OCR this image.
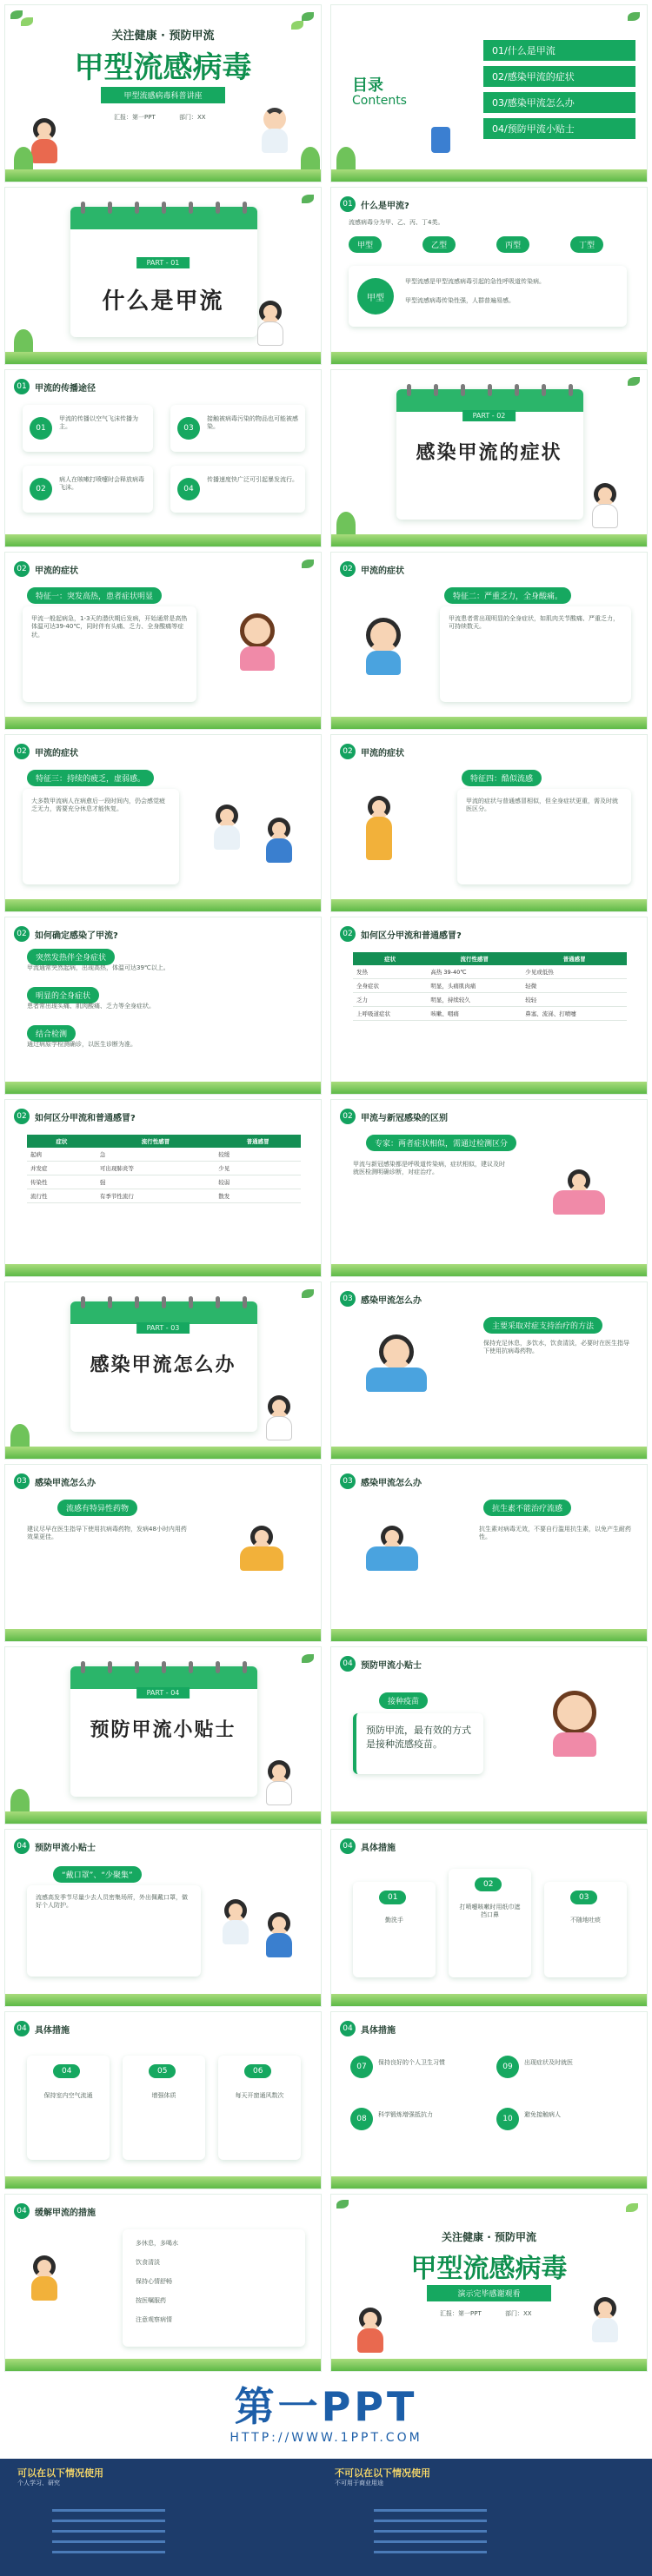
关注健康 · 预防甲流
甲型流感病毒
甲型流感病毒科普讲座
汇报：第一PPT	部门：XX
目录
Contents
01/什么是甲流
02/感染甲流的症状
03/感染甲流怎么办
04/预防甲流小贴士
PART - 01
什么是甲流
01 什么是甲流?
流感病毒分为甲、乙、丙、丁4类。
甲型	乙型	丙型	丁型
甲型
甲型流感是甲型流感病毒引起的急性呼吸道传染病。
甲型流感病毒传染性强，人群普遍易感。
01 甲流的传播途径
01
甲流的传播以空气飞沫传播为主。	03
接触被病毒污染的物品也可能被感染。
02
病人在咳嗽打喷嚏时会释放病毒飞沫。	04
传播速度快广泛可引起暴发流行。
PART - 02
感染甲流的症状
02 甲流的症状
特征一：突发高热，患者症状明显
甲流一般起病急，1-3天的潜伏期后发病，开始通常是高热体温可达39-40℃，同时伴有头痛、乏力、全身酸痛等症状。
02 甲流的症状
特征二：严重乏力，全身酸痛。
甲流患者常出现明显的全身症状，如肌肉关节酸痛、严重乏力，可持续数天。
02 甲流的症状
特征三：持续的疲乏，虚弱感。
大多数甲流病人在病愈后一段时间内，仍会感觉疲乏无力，需要充分休息才能恢复。
02 甲流的症状
特征四：酷似流感
甲流的症状与普通感冒相似，但全身症状更重，需及时就医区分。
02 如何确定感染了甲流?
突然发热伴全身症状
甲流通常突然起病，出现高热，体温可达39℃以上。
明显的全身症状
患者常出现头痛、肌肉酸痛、乏力等全身症状。
结合检测
通过病原学检测确诊，以医生诊断为准。
02 如何区分甲流和普通感冒?
症状	流行性感冒	普通感冒
发热	高热 39-40℃	少见或低热
全身症状	明显，头痛肌肉痛	轻微
乏力	明显，持续较久	较轻
上呼吸道症状	咳嗽、咽痛	鼻塞、流涕、打喷嚏
02 如何区分甲流和普通感冒?
症状	流行性感冒	普通感冒
起病	急	较缓
并发症	可出现肺炎等	少见
传染性	强	较弱
流行性	有季节性流行	散发
02 甲流与新冠感染的区别
专家：两者症状相似，需通过检测区分
甲流与新冠感染都是呼吸道传染病，症状相似，建议及时就医检测明确诊断，对症治疗。
PART - 03
感染甲流怎么办
03 感染甲流怎么办
主要采取对症支持治疗的方法
保持充足休息，多饮水，饮食清淡，必要时在医生指导下使用抗病毒药物。
03 感染甲流怎么办
流感有特异性药物
建议尽早在医生指导下使用抗病毒药物，发病48小时内用药效果更佳。
03 感染甲流怎么办
抗生素不能治疗流感
抗生素对病毒无效，不要自行滥用抗生素，以免产生耐药性。
PART - 04
预防甲流小贴士
04 预防甲流小贴士
接种疫苗
预防甲流，最有效的方式是接种流感疫苗。
04 预防甲流小贴士
“戴口罩”、“少聚集”
流感高发季节尽量少去人员密集场所，外出佩戴口罩，做好个人防护。
04 具体措施
01
勤洗手
02
打喷嚏咳嗽时用纸巾遮挡口鼻
03
不随地吐痰
04 具体措施
04
保持室内空气流通
05
增强体质
06
每天开窗通风数次
04 具体措施
07	保持良好的个人卫生习惯	09	出现症状及时就医
08	科学锻炼增强抵抗力	10	避免接触病人
04 缓解甲流的措施
多休息，多喝水
饮食清淡
保持心情舒畅
按医嘱服药
注意观察病情
关注健康 · 预防甲流
甲型流感病毒
演示完毕感谢观看
汇报：第一PPT	部门：XX
第一PPT
HTTP://WWW.1PPT.COM
可以在以下情况使用
个人学习、研究
不可以在以下情况使用
不可用于商业用途
